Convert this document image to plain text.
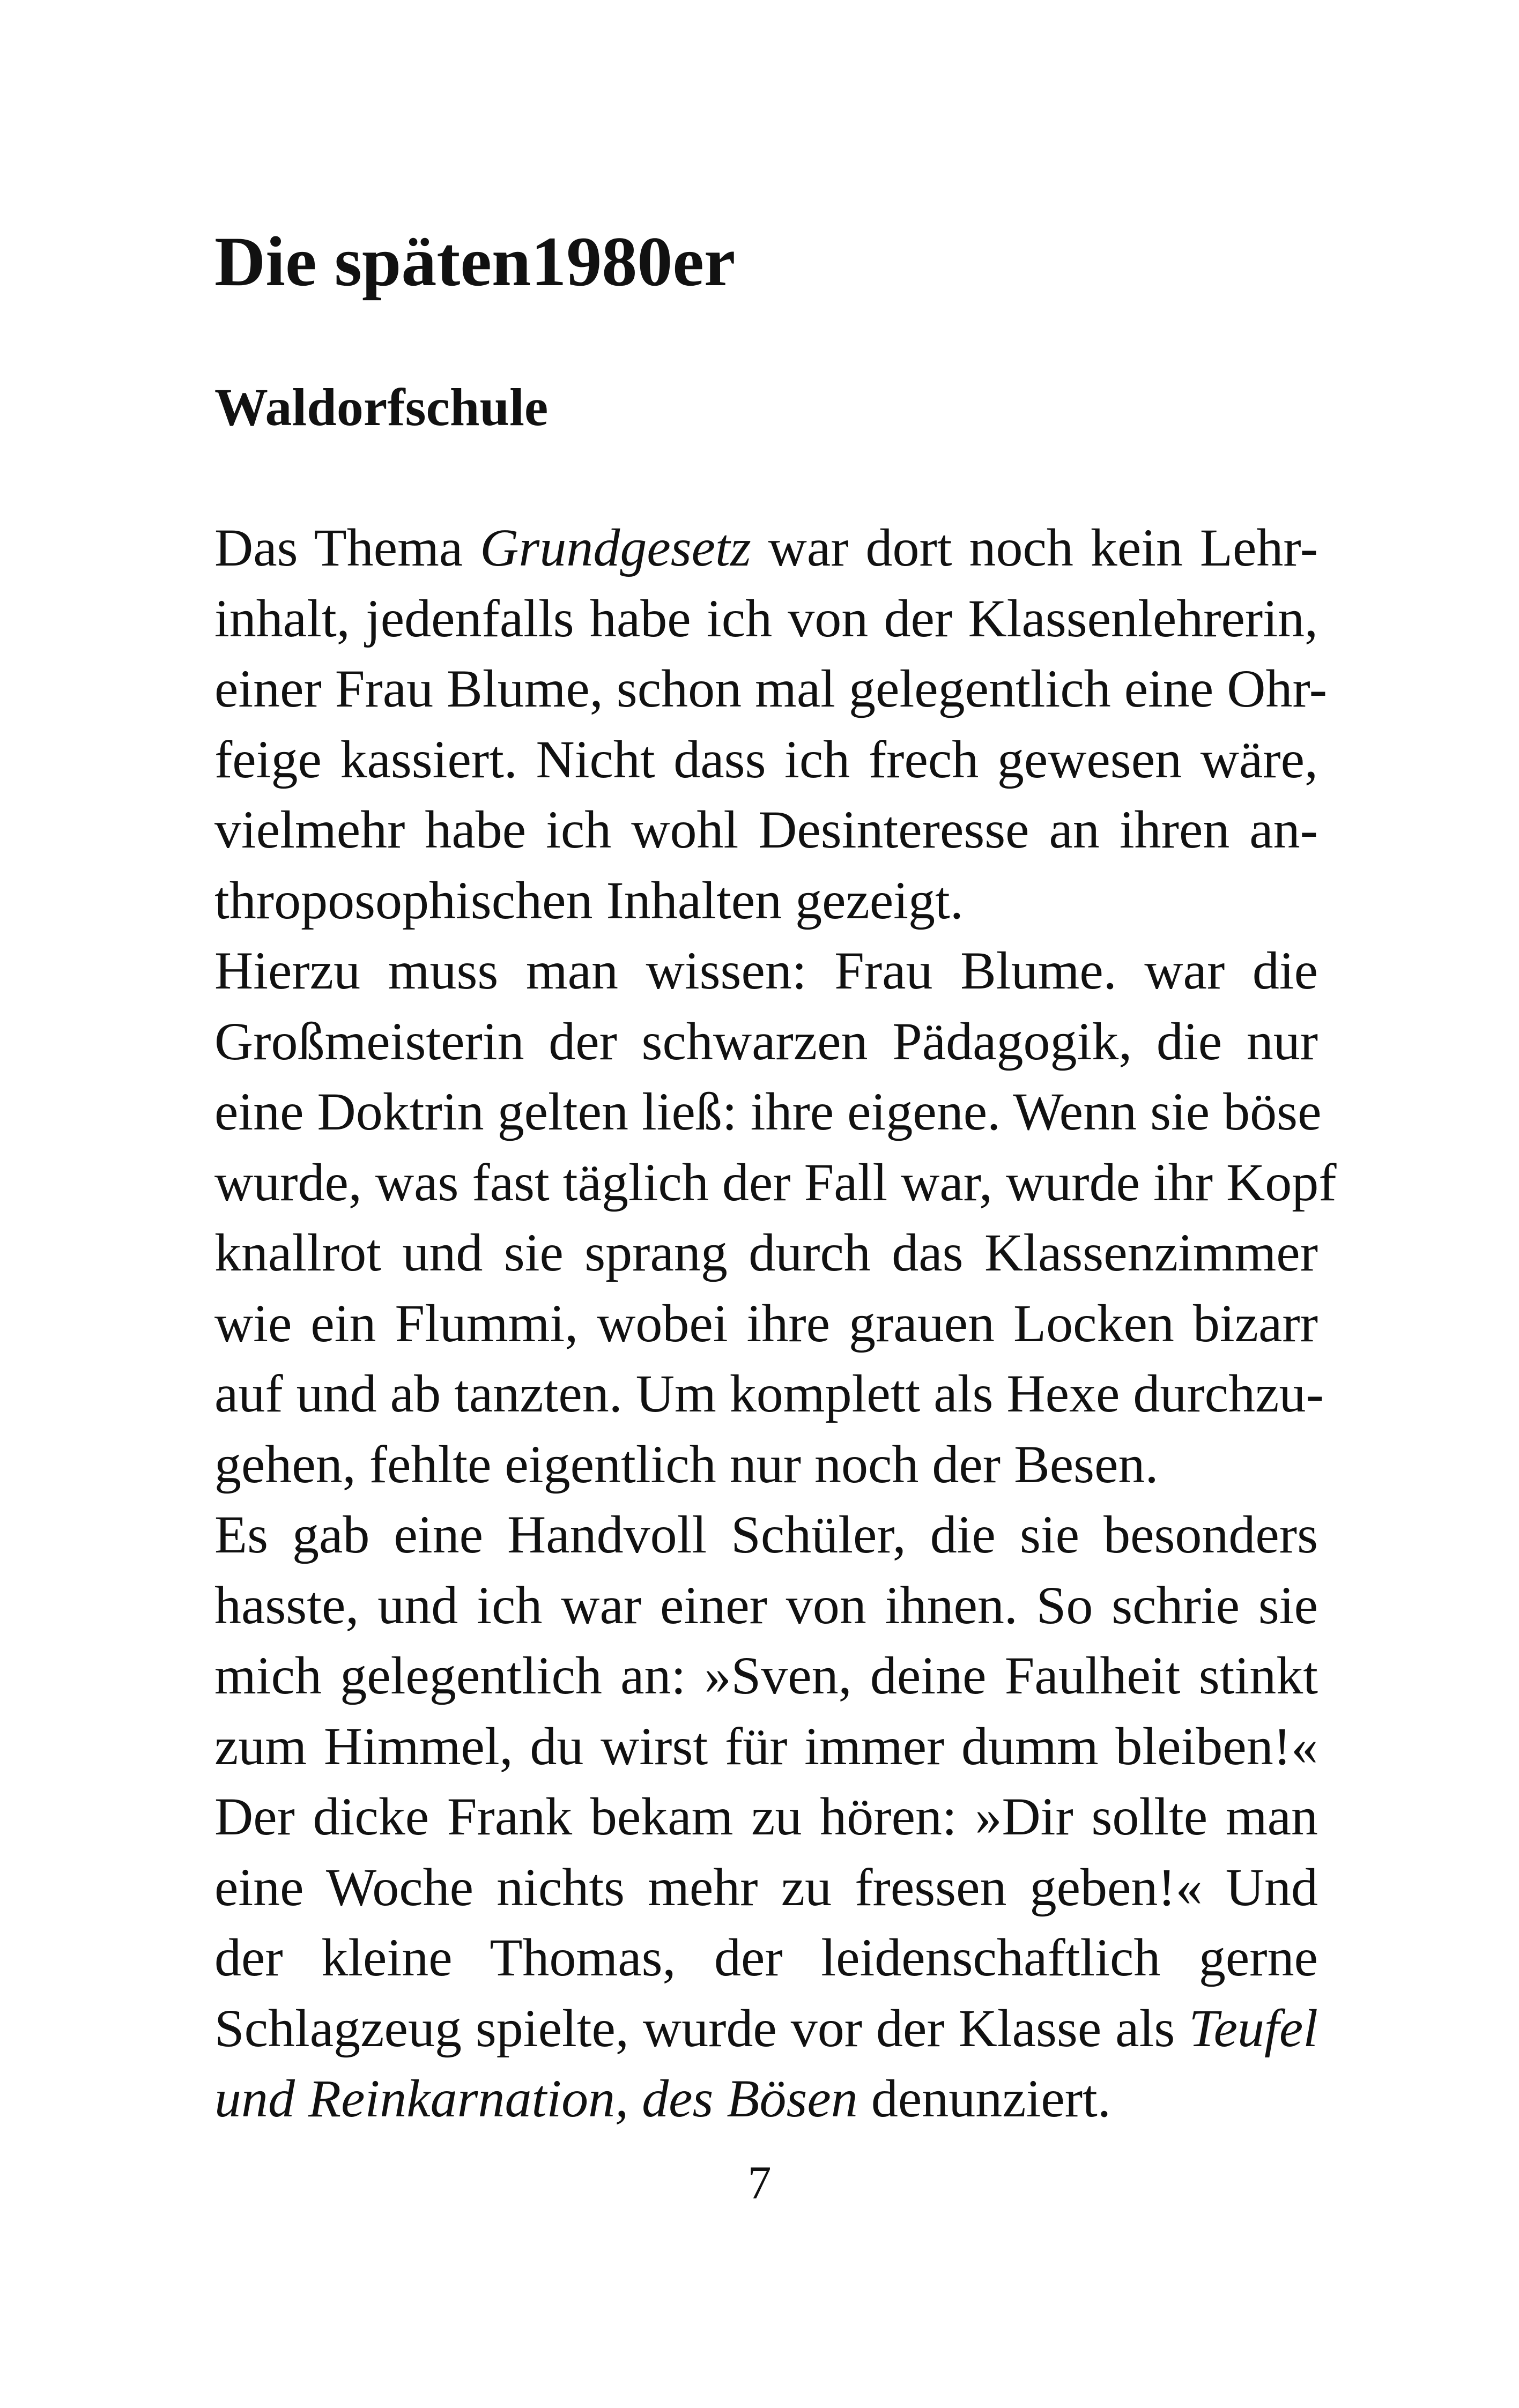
Die späten1980er
Waldorfschule
Das Thema Grundgesetz war dort noch kein Lehr-
inhalt, jedenfalls habe ich von der Klassenlehrerin,
einer Frau Blume, schon mal gelegentlich eine Ohr-
feige kassiert. Nicht dass ich frech gewesen wäre,
vielmehr habe ich wohl Desinteresse an ihren an-
throposophischen Inhalten gezeigt.
Hierzu muss man wissen: Frau Blume. war die
Großmeisterin der schwarzen Pädagogik, die nur
eine Doktrin gelten ließ: ihre eigene. Wenn sie böse
wurde, was fast täglich der Fall war, wurde ihr Kopf
knallrot und sie sprang durch das Klassenzimmer
wie ein Flummi, wobei ihre grauen Locken bizarr
auf und ab tanzten. Um komplett als Hexe durchzu-
gehen, fehlte eigentlich nur noch der Besen.
Es gab eine Handvoll Schüler, die sie besonders
hasste, und ich war einer von ihnen. So schrie sie
mich gelegentlich an: »Sven, deine Faulheit stinkt
zum Himmel, du wirst für immer dumm bleiben!«
Der dicke Frank bekam zu hören: »Dir sollte man
eine Woche nichts mehr zu fressen geben!« Und
der kleine Thomas, der leidenschaftlich gerne
Schlagzeug spielte, wurde vor der Klasse als Teufel
und Reinkarnation, des Bösen denunziert.
7
